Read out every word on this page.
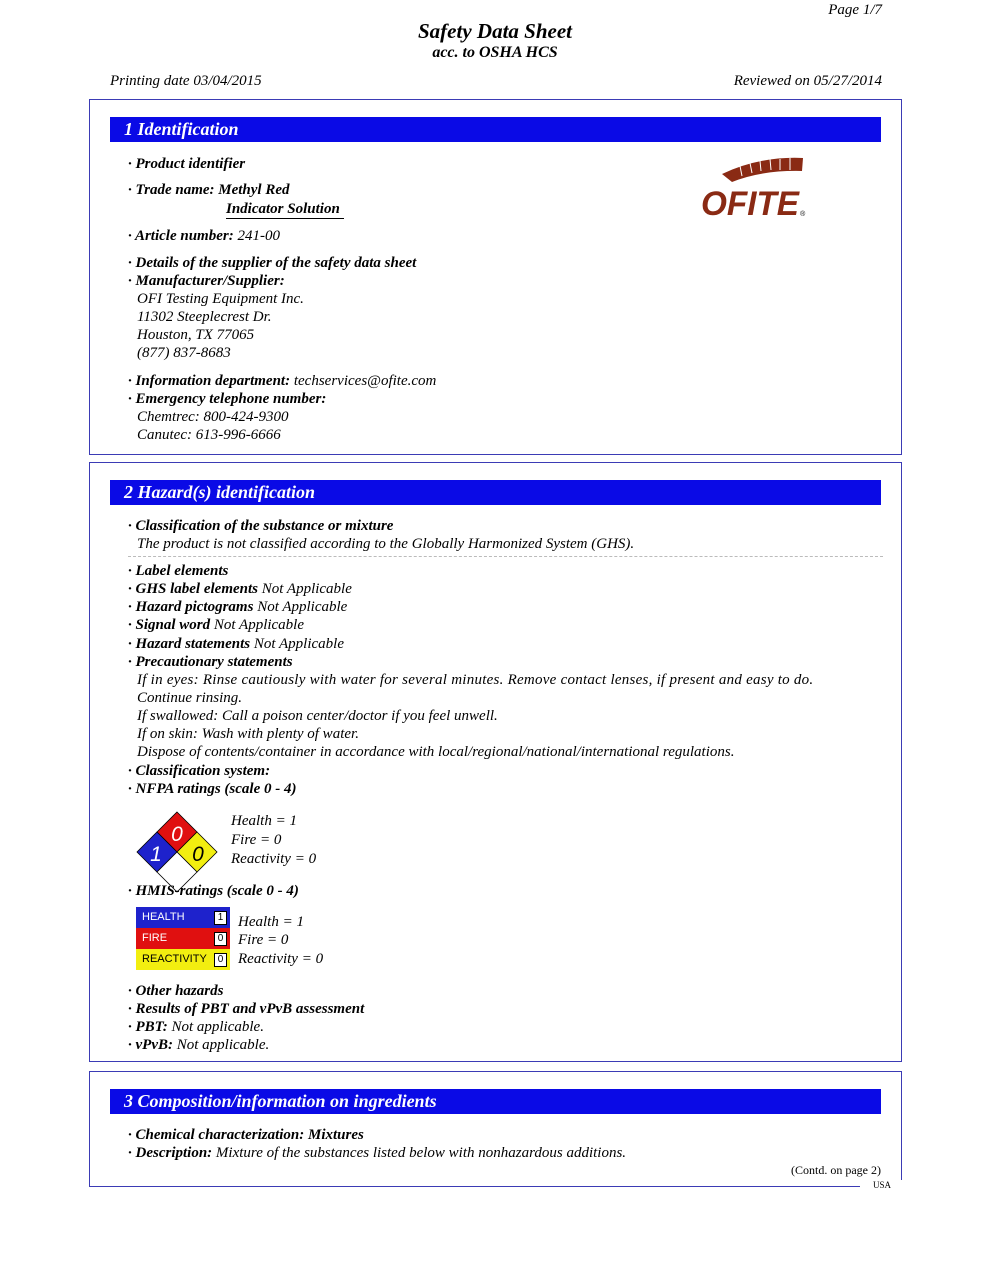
Page 1/7
Safety Data Sheet
acc. to OSHA HCS
Printing date 03/04/2015	Reviewed on 05/27/2014
1 Identification
· Product identifier
· Trade name: Methyl Red
Indicator Solution
· Article number: 241-00
· Details of the supplier of the safety data sheet
· Manufacturer/Supplier:
OFI Testing Equipment Inc.
11302 Steeplecrest Dr.
Houston, TX 77065
(877) 837-8683
· Information department: techservices@ofite.com
· Emergency telephone number:
Chemtrec: 800-424-9300
Canutec: 613-996-6666
OFITE ®
2 Hazard(s) identification
· Classification of the substance or mixture
The product is not classified according to the Globally Harmonized System (GHS).
· Label elements
· GHS label elements Not Applicable
· Hazard pictograms Not Applicable
· Signal word Not Applicable
· Hazard statements Not Applicable
· Precautionary statements
If in eyes: Rinse cautiously with water for several minutes. Remove contact lenses, if present and easy to do.
Continue rinsing.
If swallowed: Call a poison center/doctor if you feel unwell.
If on skin: Wash with plenty of water.
Dispose of contents/container in accordance with local/regional/national/international regulations.
· Classification system:
· NFPA ratings (scale 0 - 4)
0
1 0
Health = 1
Fire = 0
Reactivity = 0
· HMIS-ratings (scale 0 - 4)
HEALTH	1
FIRE	0
REACTIVITY	0
Health = 1
Fire = 0
Reactivity = 0
· Other hazards
· Results of PBT and vPvB assessment
· PBT: Not applicable.
· vPvB: Not applicable.
3 Composition/information on ingredients
· Chemical characterization: Mixtures
· Description: Mixture of the substances listed below with nonhazardous additions.
(Contd. on page 2)
USA
